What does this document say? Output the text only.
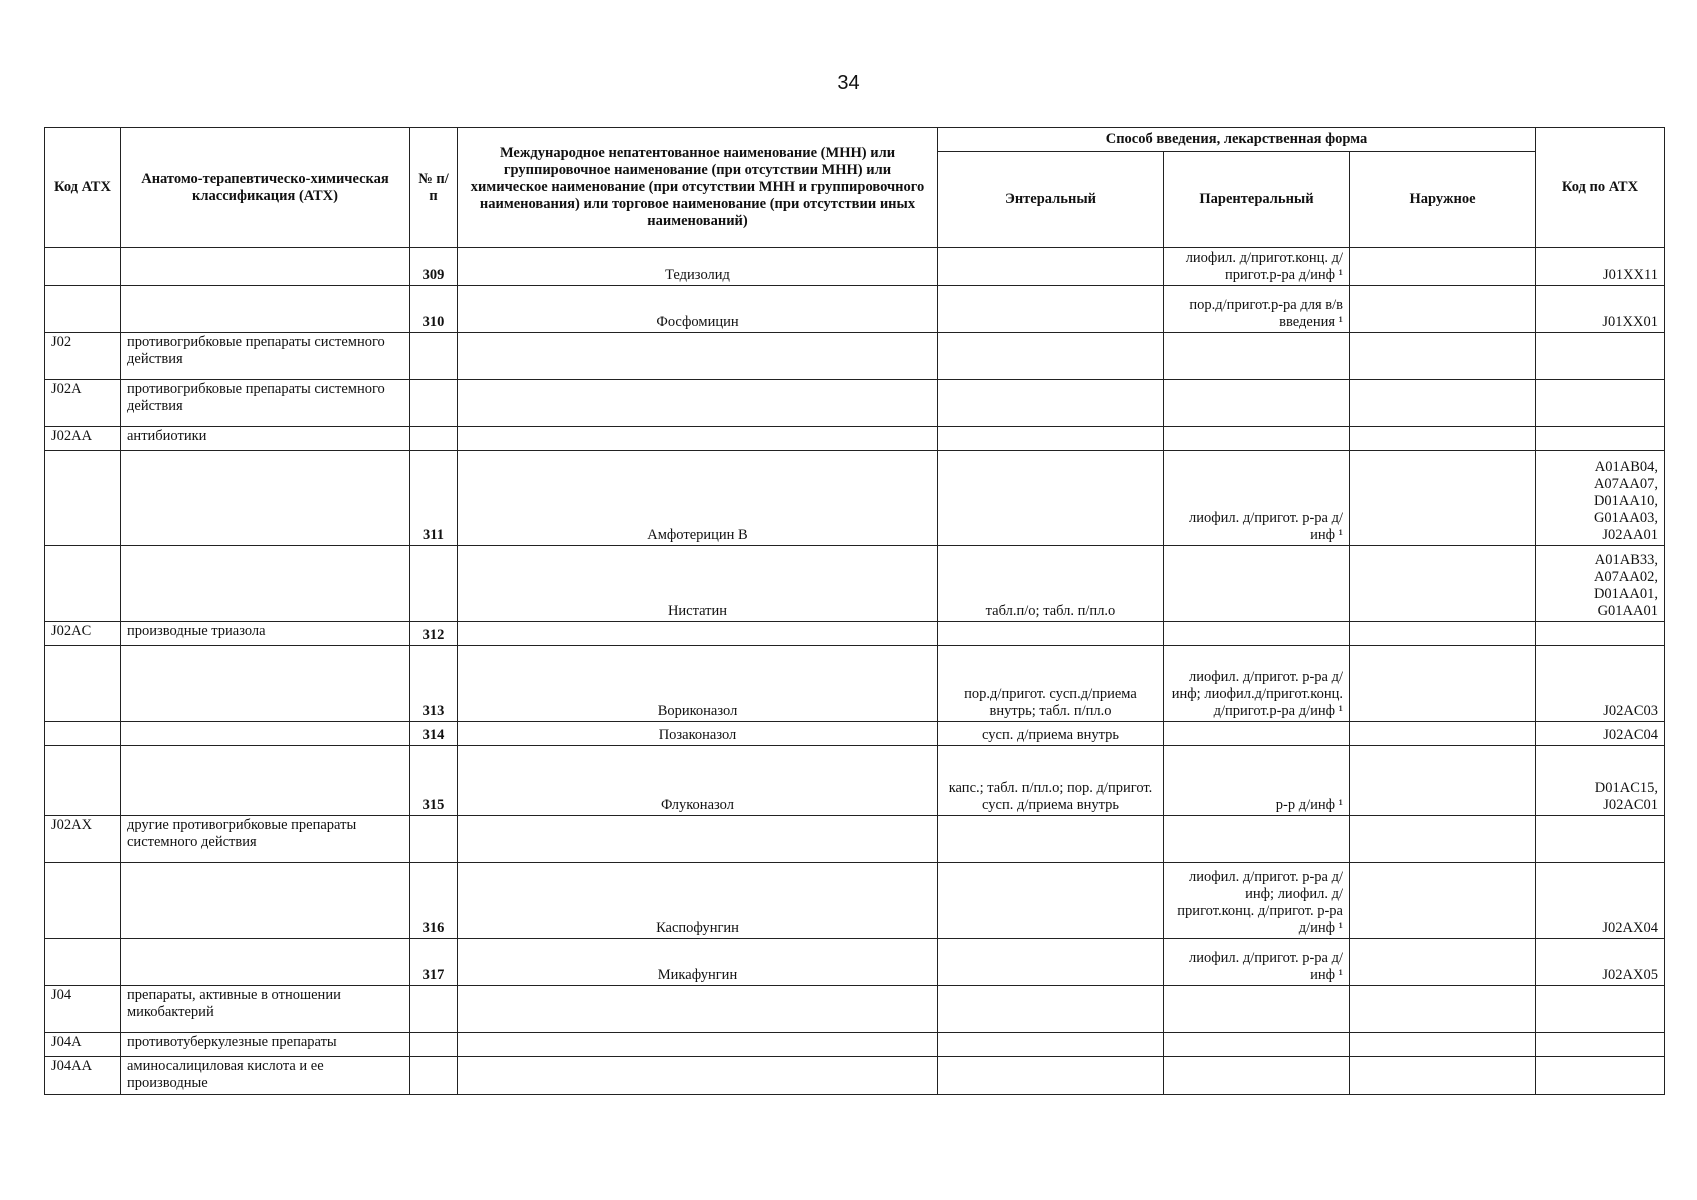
34
Код АТХ	Анатомо-терапевтическо-химическая классификация (АТХ)	№ п/п	Международное непатентованное наименование (МНН) или группировочное наименование (при отсутствии МНН) или химическое наименование (при отсутствии МНН и группировочного наименования) или торговое наименование (при отсутствии иных наименований)	Способ введения, лекарственная форма			Код по АТХ
				Энтеральный	Парентеральный	Наружное	
		309	Тедизолид		лиофил. д/пригот.конц. д/пригот.р-ра д/инф ¹		J01XX11
		310	Фосфомицин		пор.д/пригот.р-ра для в/в введения ¹		J01XX01
J02	противогрибковые препараты системного действия						
J02A	противогрибковые препараты системного действия						
J02AA	антибиотики						
		311	Амфотерицин В		лиофил. д/пригот. р-ра д/инф ¹		A01AB04, A07AA07, D01AA10, G01AA03, J02AA01
			Нистатин	табл.п/о; табл. п/пл.о			A01AB33, A07AA02, D01AA01, G01AA01
J02AC	производные триазола	312					
		313	Вориконазол	пор.д/пригот. сусп.д/приема внутрь; табл. п/пл.о	лиофил. д/пригот. р-ра д/инф; лиофил.д/пригот.конц. д/пригот.р-ра д/инф ¹		J02AC03
		314	Позаконазол	сусп. д/приема внутрь			J02AC04
		315	Флуконазол	капс.; табл. п/пл.о; пор. д/пригот. сусп. д/приема внутрь	р-р д/инф ¹		D01AC15, J02AC01
J02AX	другие противогрибковые препараты системного действия						
		316	Каспофунгин		лиофил. д/пригот. р-ра д/инф; лиофил. д/пригот.конц. д/пригот. р-ра д/инф ¹		J02AX04
		317	Микафунгин		лиофил. д/пригот. р-ра д/инф ¹		J02AX05
J04	препараты, активные в отношении микобактерий						
J04A	противотуберкулезные препараты						
J04AA	аминосалициловая кислота и ее производные						
